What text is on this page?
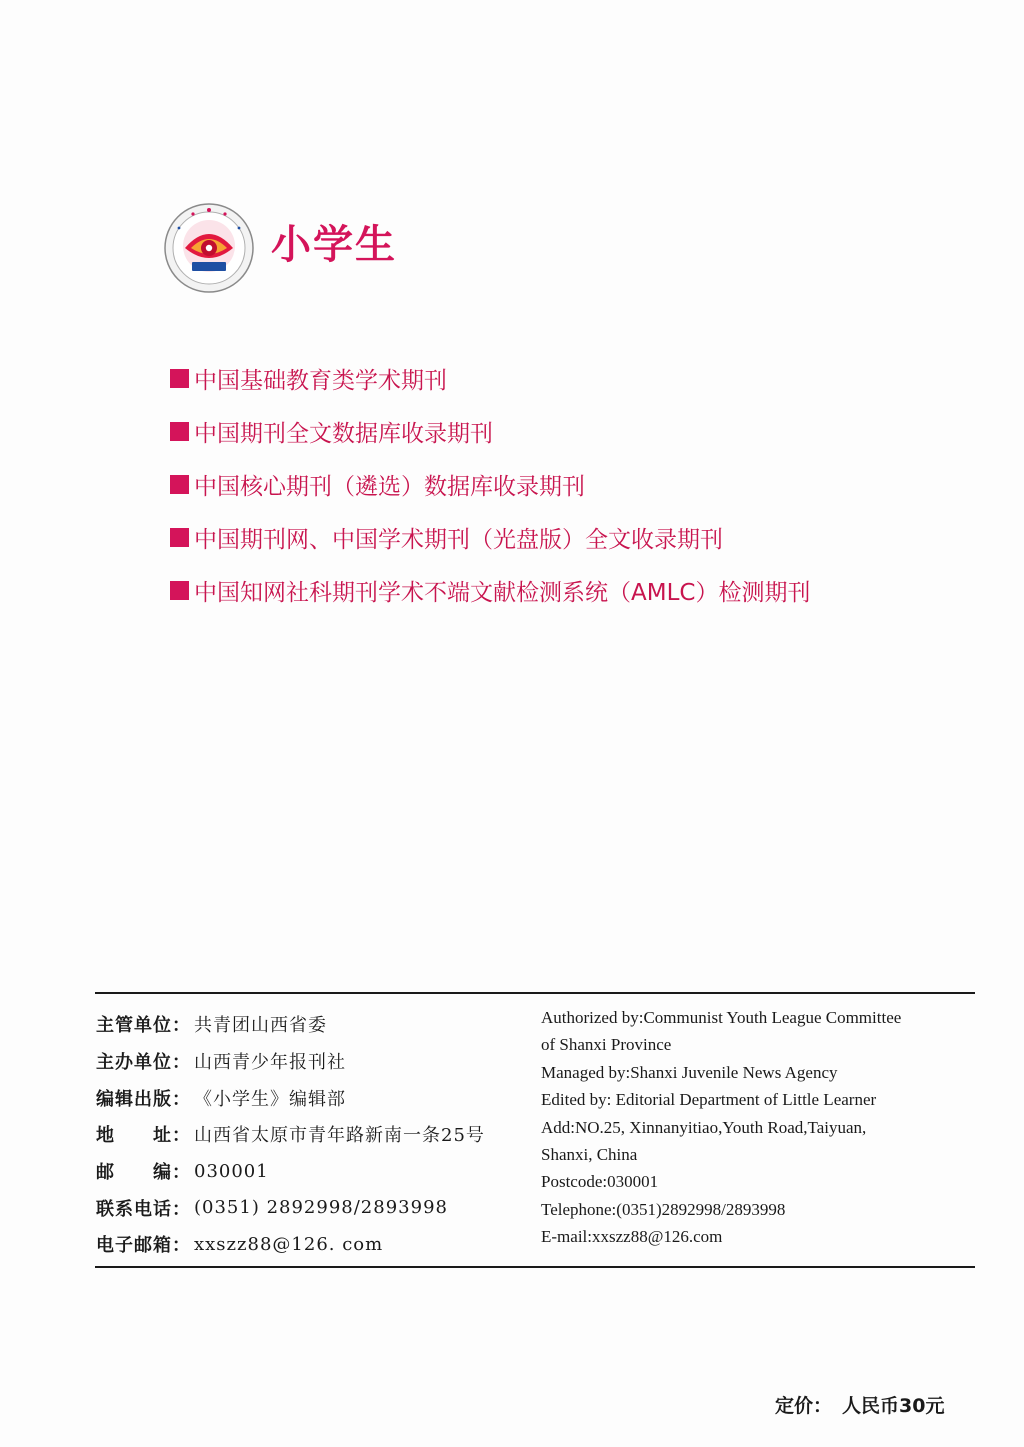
小学生
中国基础教育类学术期刊
中国期刊全文数据库收录期刊
中国核心期刊（遴选）数据库收录期刊
中国期刊网、中国学术期刊（光盘版）全文收录期刊
中国知网社科期刊学术不端文献检测系统（AMLC）检测期刊
主管单位： 共青团山西省委
主办单位： 山西青少年报刊社
编辑出版： 《小学生》编辑部
地　　址： 山西省太原市青年路新南一条25号
邮　　编： 030001
联系电话： (0351) 2892998/2893998
电子邮箱： xxszz88@126. com
Authorized by:Communist Youth League Committee
of Shanxi Province
Managed by:Shanxi Juvenile News Agency
Edited by: Editorial Department of Little Learner
Add:NO.25, Xinnanyitiao,Youth Road,Taiyuan,
Shanxi, China
Postcode:030001
Telephone:(0351)2892998/2893998
E-mail:xxszz88@126.com
定价： 人民币30元
